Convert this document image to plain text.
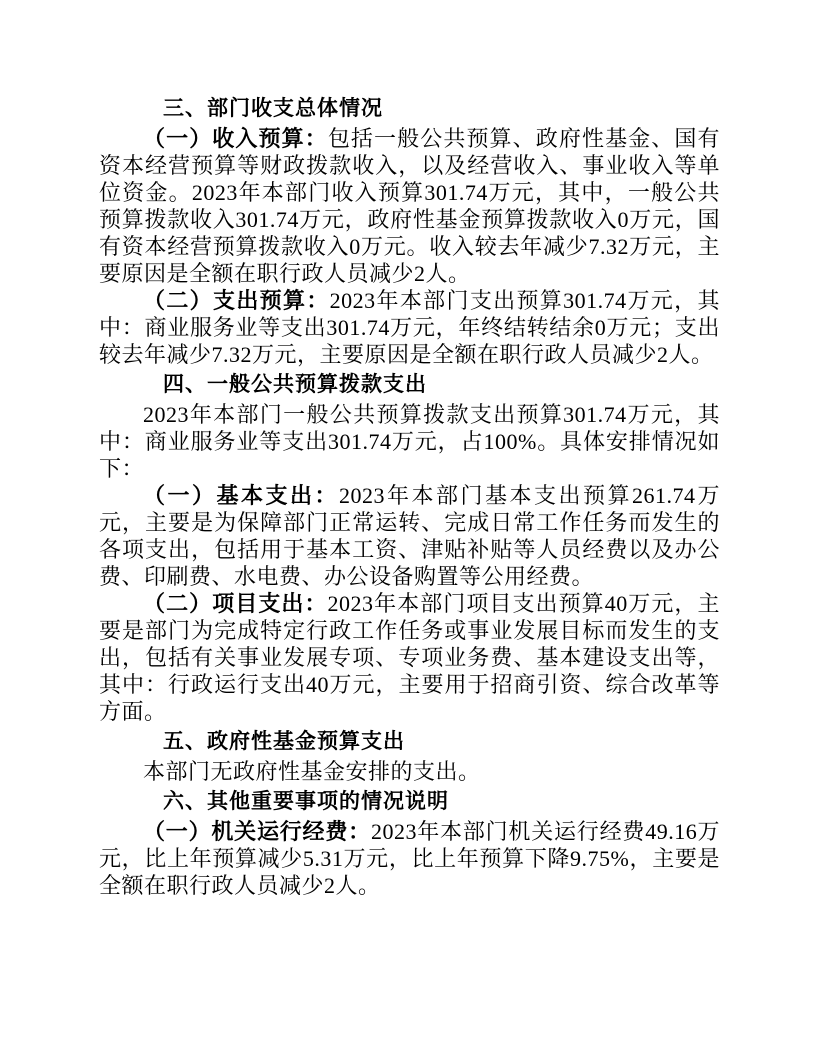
三、部门收支总体情况

（一）收入预算：包括一般公共预算、政府性基金、国有资本经营预算等财政拨款收入，以及经营收入、事业收入等单位资金。2023年本部门收入预算301.74万元，其中，一般公共预算拨款收入301.74万元，政府性基金预算拨款收入0万元，国有资本经营预算拨款收入0万元。收入较去年减少7.32万元，主要原因是全额在职行政人员减少2人。

（二）支出预算：2023年本部门支出预算301.74万元，其中：商业服务业等支出301.74万元，年终结转结余0万元；支出较去年减少7.32万元，主要原因是全额在职行政人员减少2人。

四、一般公共预算拨款支出

2023年本部门一般公共预算拨款支出预算301.74万元，其中：商业服务业等支出301.74万元，占100%。具体安排情况如下：

（一）基本支出：2023年本部门基本支出预算261.74万元，主要是为保障部门正常运转、完成日常工作任务而发生的各项支出，包括用于基本工资、津贴补贴等人员经费以及办公费、印刷费、水电费、办公设备购置等公用经费。

（二）项目支出：2023年本部门项目支出预算40万元，主要是部门为完成特定行政工作任务或事业发展目标而发生的支出，包括有关事业发展专项、专项业务费、基本建设支出等，其中：行政运行支出40万元，主要用于招商引资、综合改革等方面。

五、政府性基金预算支出

本部门无政府性基金安排的支出。

六、其他重要事项的情况说明

（一）机关运行经费：2023年本部门机关运行经费49.16万元，比上年预算减少5.31万元，比上年预算下降9.75%，主要是全额在职行政人员减少2人。
